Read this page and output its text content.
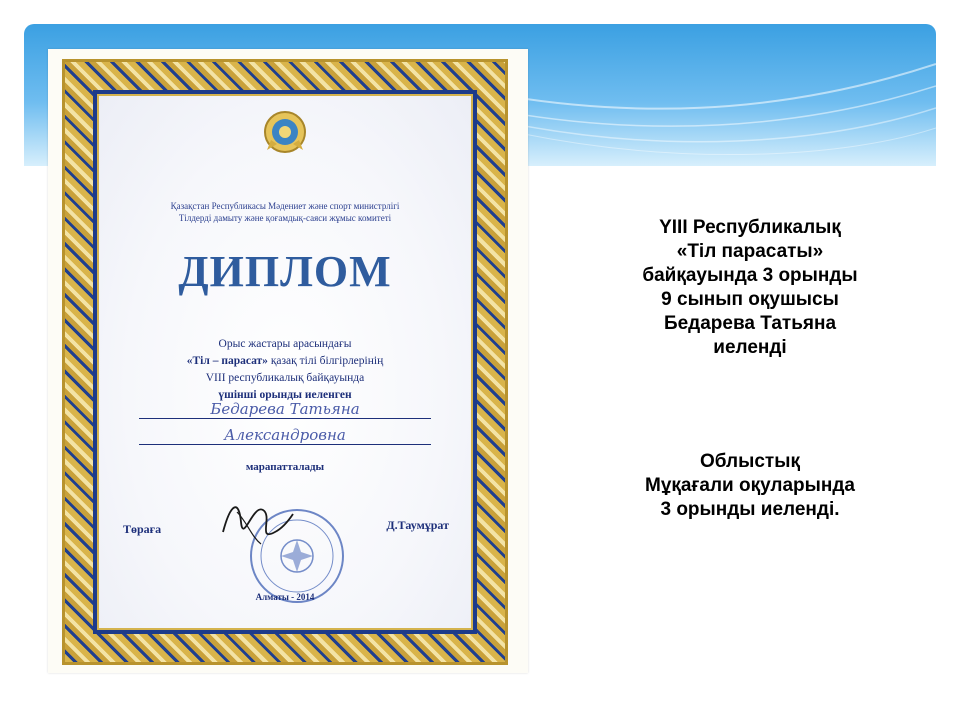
Қазақстан Республикасы Мәдениет және спорт министрлігі
Тілдерді дамыту және қоғамдық-саяси жұмыс комитеті
ДИПЛОМ
Орыс жастары арасындағы
«Тіл – парасат» қазақ тілі білгірлерінің
VIII республикалық байқауында
үшінші орынды иеленген
Бедарева Татьяна
Александровна
марапатталады
Төраға	Д.Таумұрат
Алматы - 2014
YIII Республикалық
«Тіл парасаты»
байқауында 3 орынды
9 сынып оқушысы
Бедарева Татьяна
иеленді
Облыстық
Мұқағали оқуларында
3 орынды иеленді.
